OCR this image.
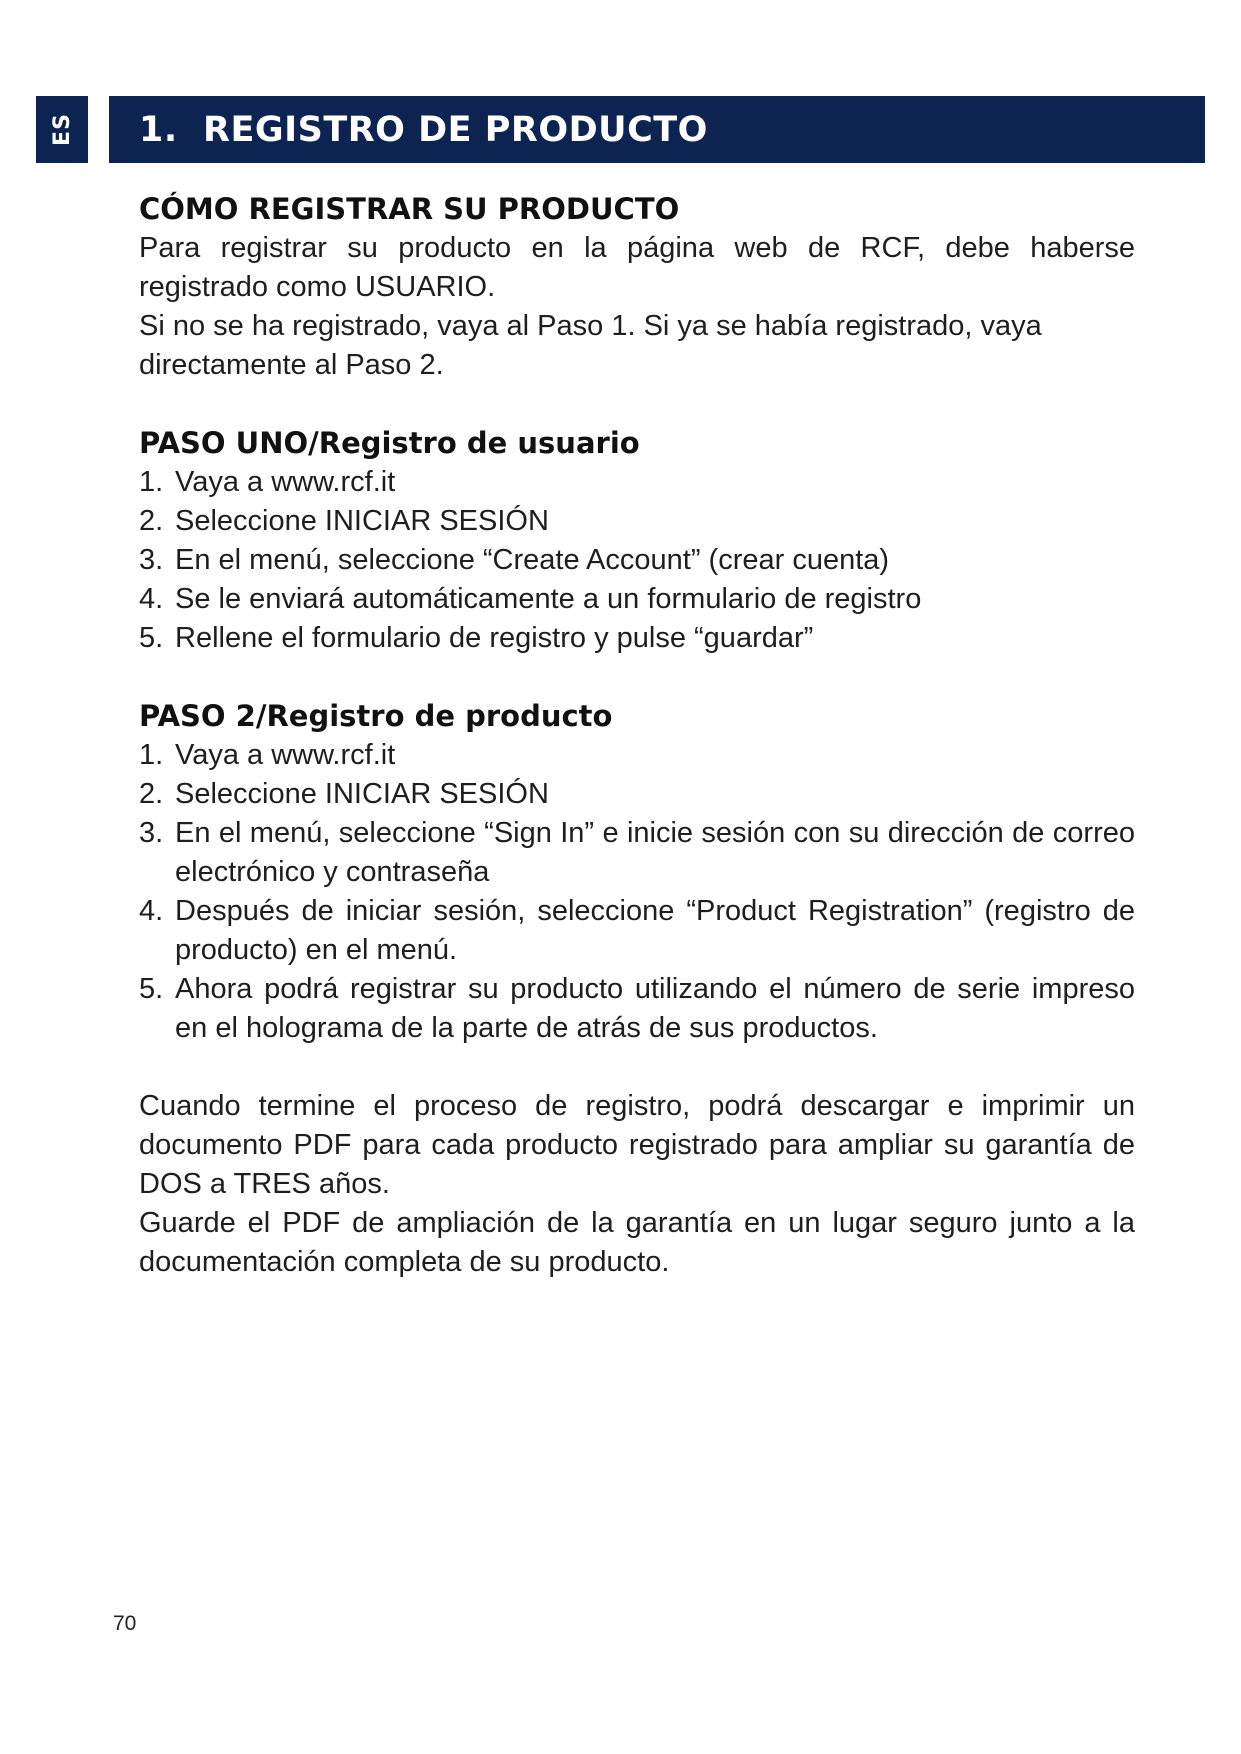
ES 1.  REGISTRO DE PRODUCTO
CÓMO REGISTRAR SU PRODUCTO

Para registrar su producto en la página web de RCF, debe haberse registrado como USUARIO.

Si no se ha registrado, vaya al Paso 1. Si ya se había registrado, vaya directamente al Paso 2.

PASO UNO/Registro de usuario
1. Vaya a www.rcf.it
2. Seleccione INICIAR SESIÓN
3. En el menú, seleccione “Create Account” (crear cuenta)
4. Se le enviará automáticamente a un formulario de registro
5. Rellene el formulario de registro y pulse “guardar”
PASO 2/Registro de producto
1. Vaya a www.rcf.it
2. Seleccione INICIAR SESIÓN
3. En el menú, seleccione “Sign In” e inicie sesión con su dirección de correo electrónico y contraseña
4. Después de iniciar sesión, seleccione “Product Registration” (registro de producto) en el menú.
5. Ahora podrá registrar su producto utilizando el número de serie impreso en el holograma de la parte de atrás de sus productos.

Cuando termine el proceso de registro, podrá descargar e imprimir un documento PDF para cada producto registrado para ampliar su garantía de DOS a TRES años.

Guarde el PDF de ampliación de la garantía en un lugar seguro junto a la documentación completa de su producto.

70
